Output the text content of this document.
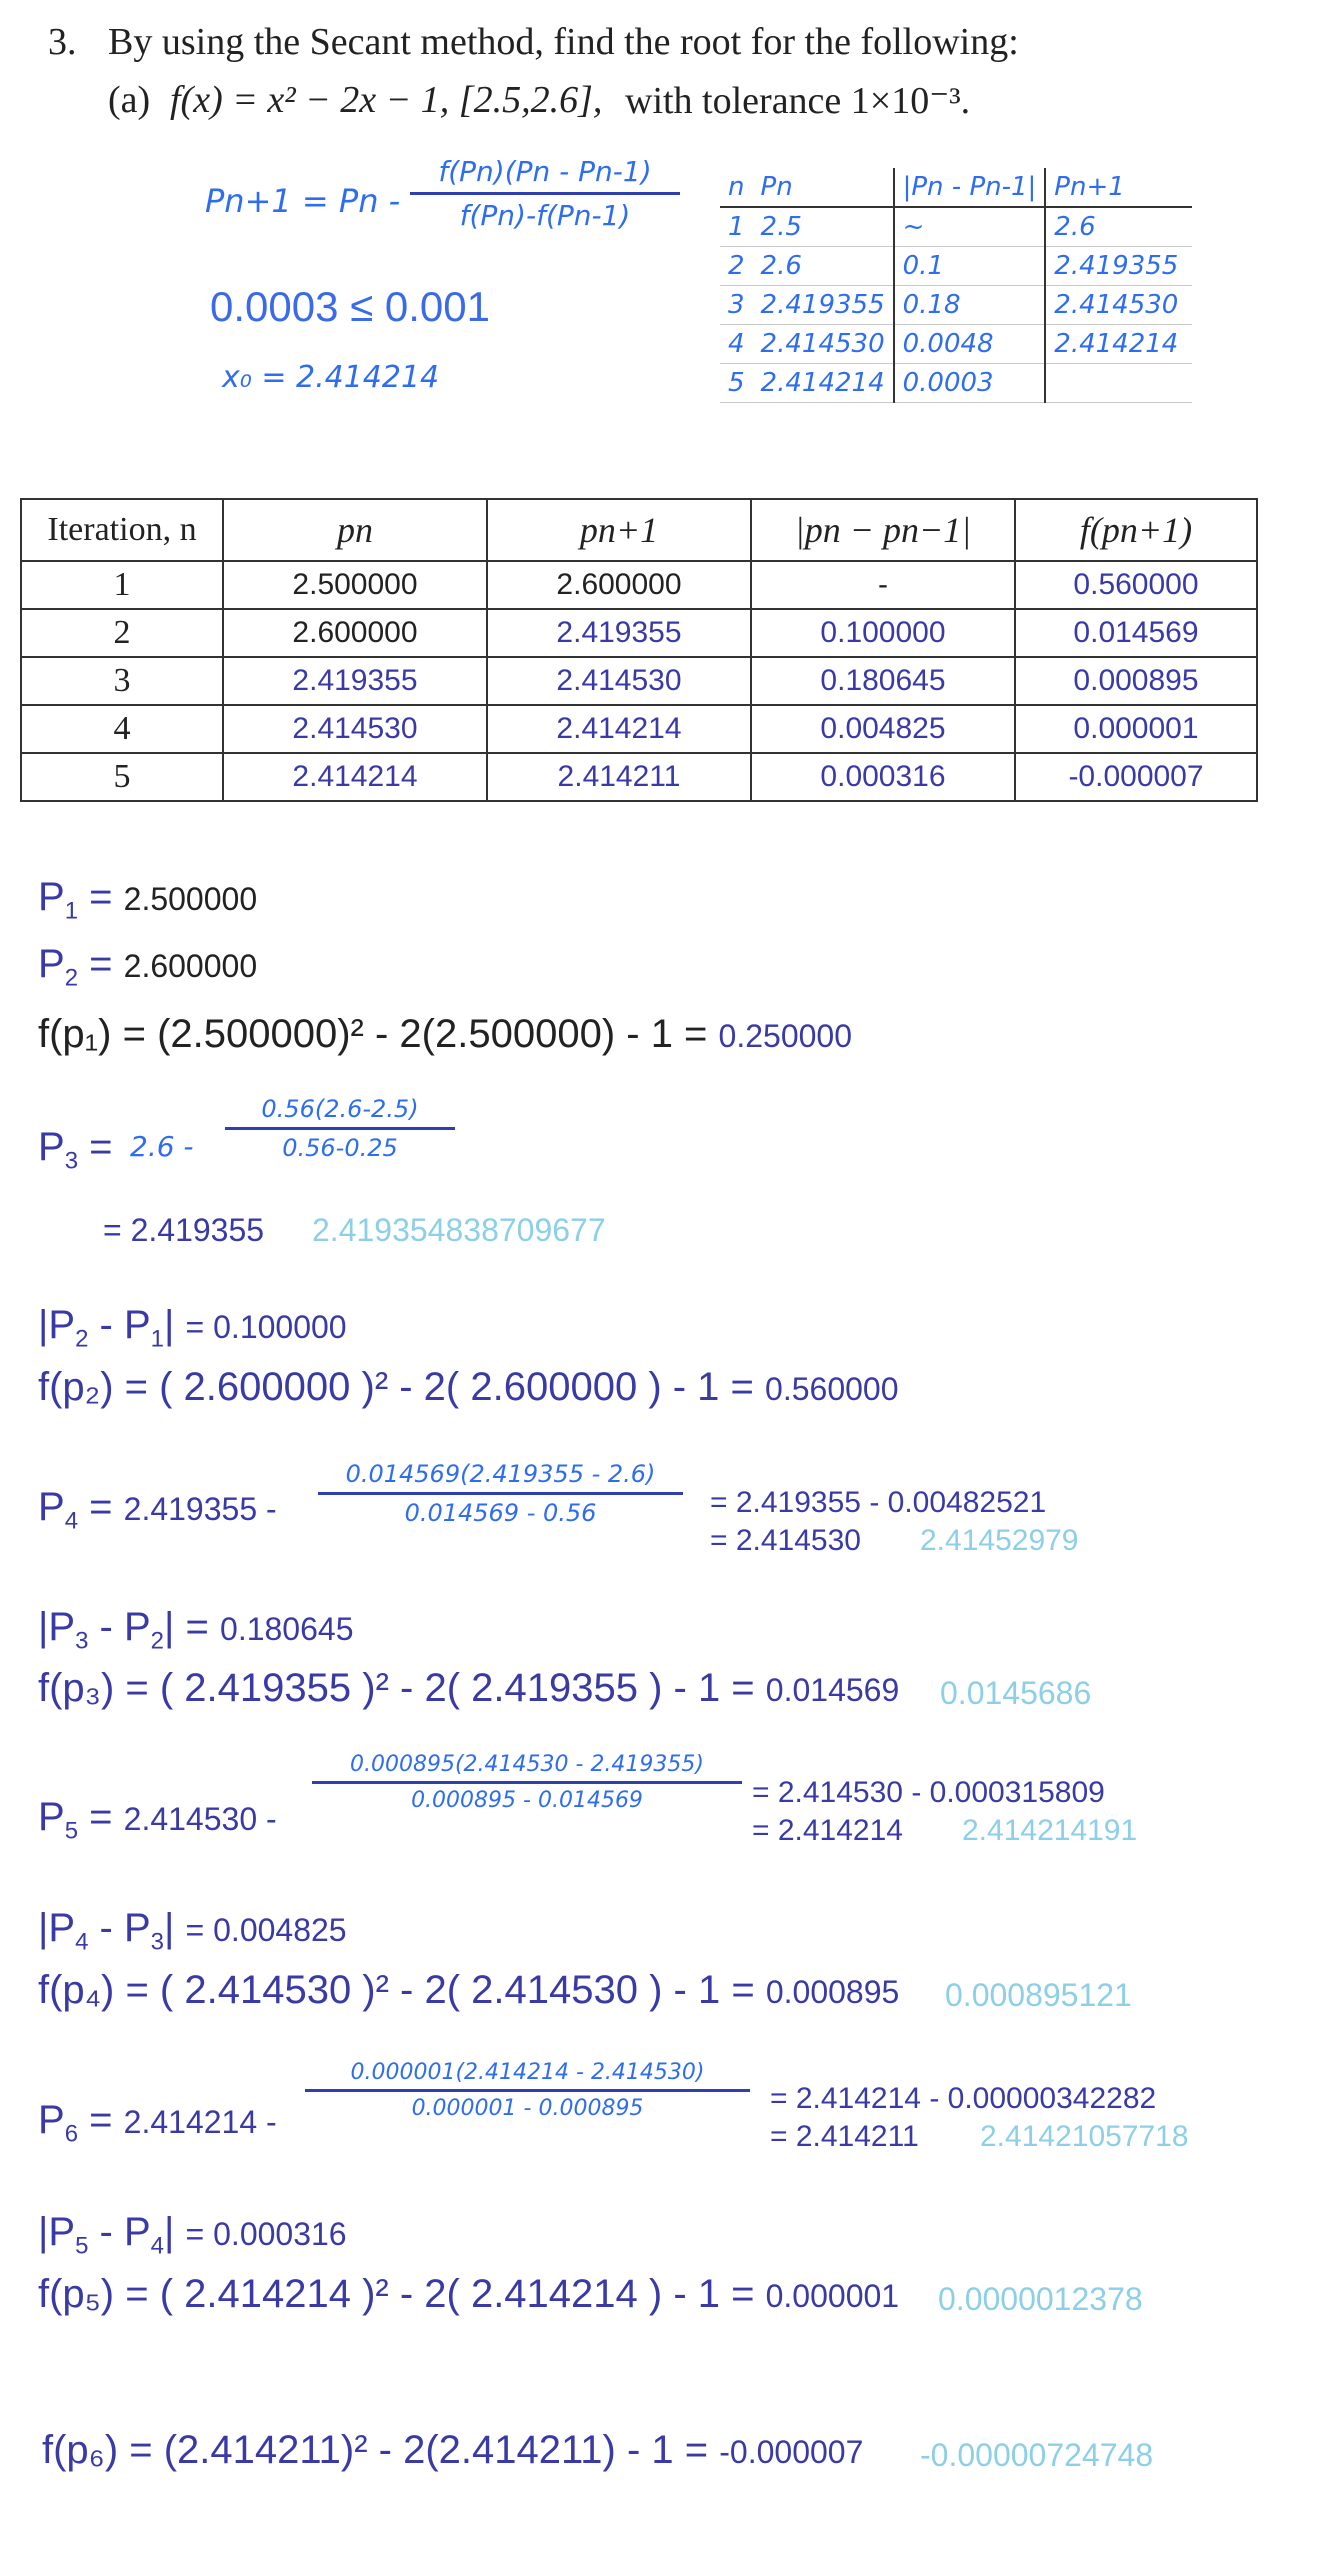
3. By using the Secant method, find the root for the following:
(a) f(x) = x² − 2x − 1, [2.5,2.6], with tolerance 1×10⁻³.
Pn+1 = Pn -
f(Pn)(Pn - Pn-1)
f(Pn)-f(Pn-1)
0.0003 ≤ 0.001
x₀ = 2.414214
n	Pn	|Pn - Pn-1|	Pn+1
1	2.5	~	2.6
2	2.6	0.1	2.419355
3	2.419355	0.18	2.414530
4	2.414530	0.0048	2.414214
5	2.414214	0.0003	
Iteration, n	pn	pn+1	|pn − pn−1|	f(pn+1)
1	2.500000	2.600000	-	0.560000
2	2.600000	2.419355	0.100000	0.014569
3	2.419355	2.414530	0.180645	0.000895
4	2.414530	2.414214	0.004825	0.000001
5	2.414214	2.414211	0.000316	-0.000007
$P_1 = 2.500000$
$P_2 = 2.600000$
f(p₁) = (2.500000)² - 2(2.500000) - 1 = 0.250000
$P_3 = 2.6$ -
0.56(2.6-2.5)
0.56-0.25
= 2.419355 2.419354838709677
$|P_2 - P_1| = 0.100000$
f(p₂) = ( 2.600000 )² - 2( 2.600000 ) - 1 = 0.560000
$P_4 = 2.419355$ -
0.014569(2.419355 - 2.6)
0.014569 - 0.56	= 2.419355 - 0.00482521
= 2.414530 2.41452979
$|P_3 - P_2| = 0.180645$
f(p₃) = ( 2.419355 )² - 2( 2.419355 ) - 1 = 0.014569 0.0145686
$P_5 = 2.414530$ -
0.000895(2.414530 - 2.419355)
0.000895 - 0.014569	= 2.414530 - 0.000315809
= 2.414214 2.414214191
$|P_4 - P_3| = 0.004825$
f(p₄) = ( 2.414530 )² - 2( 2.414530 ) - 1 = 0.000895 0.000895121
$P_6 = 2.414214$ -
0.000001(2.414214 - 2.414530)
0.000001 - 0.000895	= 2.414214 - 0.00000342282
= 2.414211 2.41421057718
$|P_5 - P_4| = 0.000316$
f(p₅) = ( 2.414214 )² - 2( 2.414214 ) - 1 = 0.000001 0.0000012378
f(p₆) = (2.414211)² - 2(2.414211) - 1 = -0.000007 -0.00000724748
